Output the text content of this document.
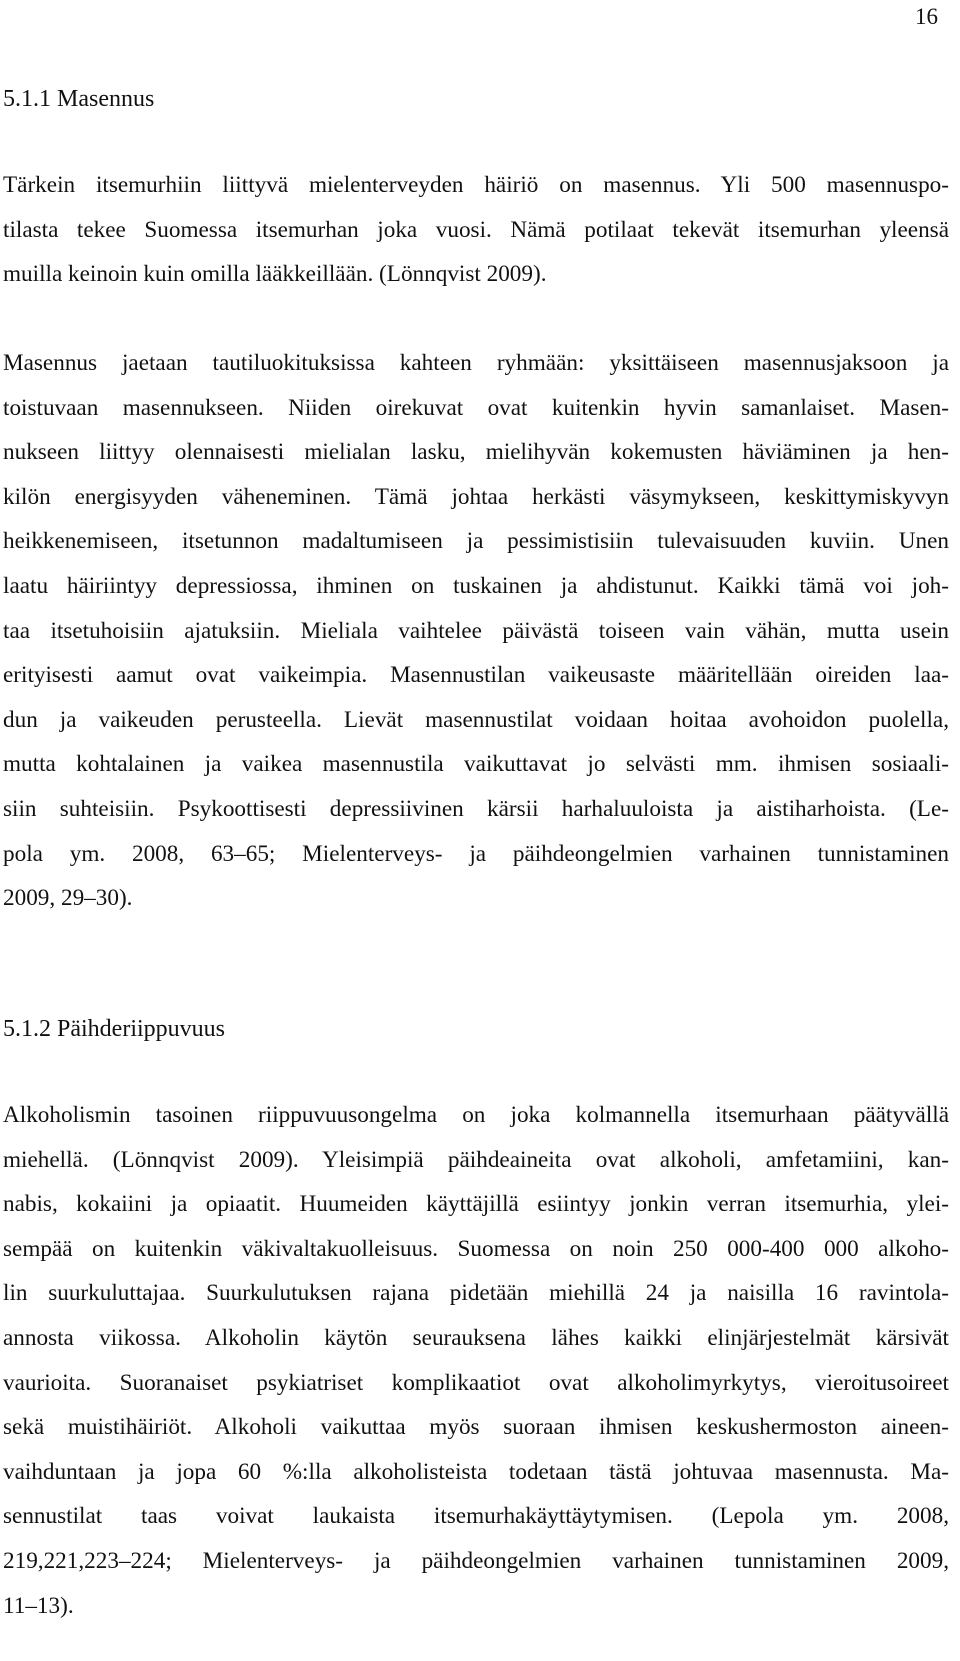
16
5.1.1 Masennus
Tärkein itsemurhiin liittyvä mielenterveyden häiriö on masennus. Yli 500 masennuspo-
tilasta tekee Suomessa itsemurhan joka vuosi. Nämä potilaat tekevät itsemurhan yleensä
muilla keinoin kuin omilla lääkkeillään. (Lönnqvist 2009).
Masennus jaetaan tautiluokituksissa kahteen ryhmään: yksittäiseen masennusjaksoon ja
toistuvaan masennukseen. Niiden oirekuvat ovat kuitenkin hyvin samanlaiset. Masen-
nukseen liittyy olennaisesti mielialan lasku, mielihyvän kokemusten häviäminen ja hen-
kilön energisyyden väheneminen. Tämä johtaa herkästi väsymykseen, keskittymiskyvyn
heikkenemiseen, itsetunnon madaltumiseen ja pessimistisiin tulevaisuuden kuviin. Unen
laatu häiriintyy depressiossa, ihminen on tuskainen ja ahdistunut. Kaikki tämä voi joh-
taa itsetuhoisiin ajatuksiin. Mieliala vaihtelee päivästä toiseen vain vähän, mutta usein
erityisesti aamut ovat vaikeimpia. Masennustilan vaikeusaste määritellään oireiden laa-
dun ja vaikeuden perusteella. Lievät masennustilat voidaan hoitaa avohoidon puolella,
mutta kohtalainen ja vaikea masennustila vaikuttavat jo selvästi mm. ihmisen sosiaali-
siin suhteisiin. Psykoottisesti depressiivinen kärsii harhaluuloista ja aistiharhoista. (Le-
pola ym. 2008, 63–65; Mielenterveys- ja päihdeongelmien varhainen tunnistaminen
2009, 29–30).
5.1.2 Päihderiippuvuus
Alkoholismin tasoinen riippuvuusongelma on joka kolmannella itsemurhaan päätyvällä
miehellä. (Lönnqvist 2009). Yleisimpiä päihdeaineita ovat alkoholi, amfetamiini, kan-
nabis, kokaiini ja opiaatit. Huumeiden käyttäjillä esiintyy jonkin verran itsemurhia, ylei-
sempää on kuitenkin väkivaltakuolleisuus. Suomessa on noin 250 000-400 000 alkoho-
lin suurkuluttajaa. Suurkulutuksen rajana pidetään miehillä 24 ja naisilla 16 ravintola-
annosta viikossa. Alkoholin käytön seurauksena lähes kaikki elinjärjestelmät kärsivät
vaurioita. Suoranaiset psykiatriset komplikaatiot ovat alkoholimyrkytys, vieroitusoireet
sekä muistihäiriöt. Alkoholi vaikuttaa myös suoraan ihmisen keskushermoston aineen-
vaihduntaan ja jopa 60 %:lla alkoholisteista todetaan tästä johtuvaa masennusta. Ma-
sennustilat taas voivat laukaista itsemurhakäyttäytymisen. (Lepola ym. 2008,
219,221,223–224; Mielenterveys- ja päihdeongelmien varhainen tunnistaminen 2009,
11–13).
